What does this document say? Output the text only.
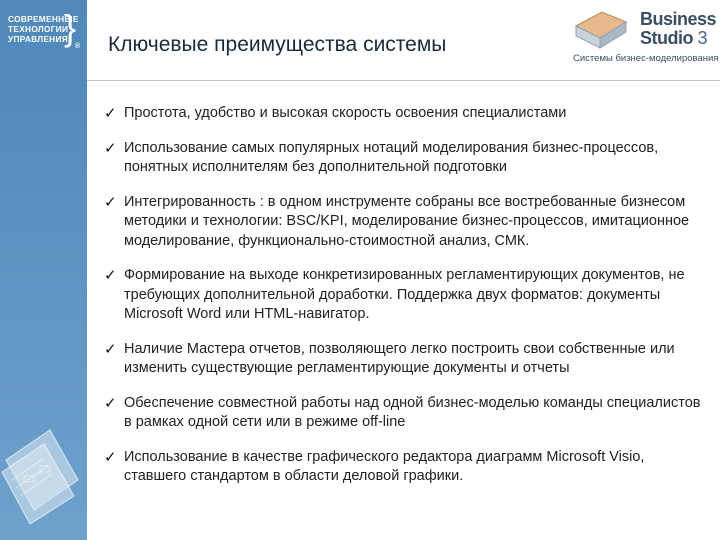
СОВРЕМЕННЫЕ
ТЕХНОЛОГИИ
УПРАВЛЕНИЯ
}
® Ключевые преимущества системы
Business
Studio 3
Системы бизнес-моделирования
✓ Простота, удобство и высокая скорость освоения специалистами
✓ Использование самых популярных нотаций моделирования бизнес-процессов, понятных исполнителям без дополнительной подготовки
✓ Интегрированность : в одном инструменте собраны все востребованные бизнесом методики и технологии: BSC/KPI, моделирование бизнес-процессов, имитационное моделирование, функционально-стоимостной анализ, СМК.
✓ Формирование на выходе конкретизированных регламентирующих документов, не требующих дополнительной доработки. Поддержка двух форматов: документы Microsoft Word или HTML-навигатор.
✓ Наличие Мастера отчетов, позволяющего легко построить свои собственные или изменить существующие регламентирующие документы и отчеты
✓ Обеспечение совместной работы над одной бизнес-моделью команды специалистов в рамках одной сети или в режиме off-line
✓ Использование в качестве графического редактора диаграмм Microsoft Visio, ставшего стандартом в области деловой графики.
